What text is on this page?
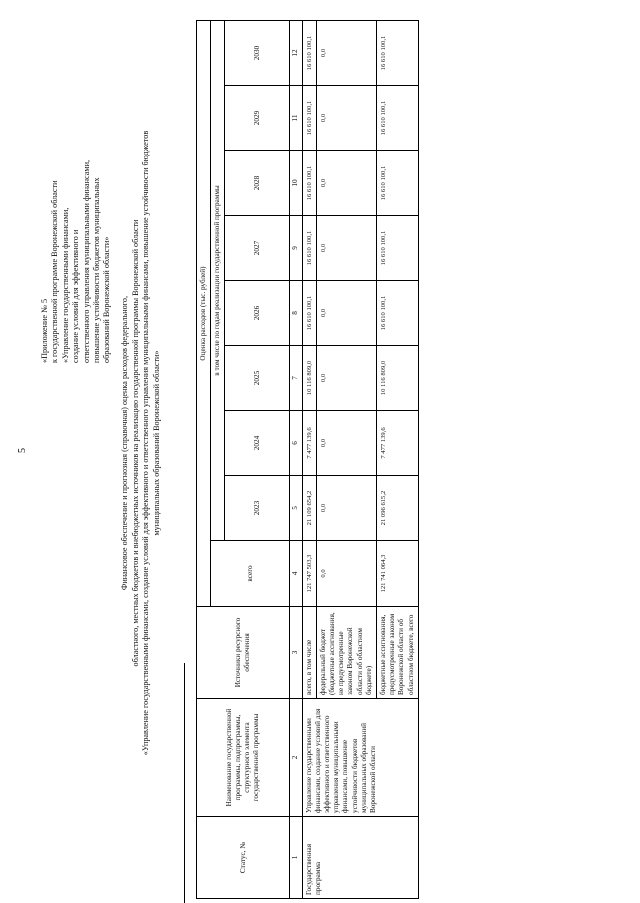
5
«Приложение № 5 к государственной программе Воронежской области «Управление государственными финансами, создание условий для эффективного и ответственного управления муниципальными финансами, повышение устойчивости бюджетов муниципальных образований Воронежской области» Финансовое обеспечение и прогнозная (справочная) оценка расходов федерального, областного, местных бюджетов и внебюджетных источников на реализацию государственной программы Воронежской области «Управление государственными финансами, создание условий для эффективного и ответственного управления муниципальными финансами, повышение устойчивости бюджетов муниципальных образований Воронежской области»
Статус, №	Наименование государственной программы, подпрограммы, структурного элемента государственной программы	Источники ресурсного обеспечения	Оценка расходов (тыс. рублей)								
			всего	в том числе по годам реализации государственной программы							
				2023	2024	2025	2026	2027	2028	2029	2030
1	2	3	4	5	6	7	8	9	10	11	12
Государственная программа	Управление государственными финансами, создание условий для эффективного и ответственного управления муниципальными финансами, повышение устойчивости бюджетов муниципальных образований Воронежской области	всего, в том числе	121 747 503,3	21 109 654,2	7 477 139,6	10 116 809,0	16 610 100,1	16 610 100,1	16 610 100,1	16 610 100,1	16 610 100,1
		федеральный бюджет (бюджетные ассигнования, не предусмотренные законом Воронежской области об областном бюджете)	0,0	0,0	0,0	0,0	0,0	0,0	0,0	0,0	0,0
		бюджетные ассигнования, предусмотренные законом Воронежской области об областном бюджете, всего	121 741 064,3	21 096 615,2	7 477 139,6	10 116 809,0	16 610 100,1	16 610 100,1	16 610 100,1	16 610 100,1	16 610 100,1
